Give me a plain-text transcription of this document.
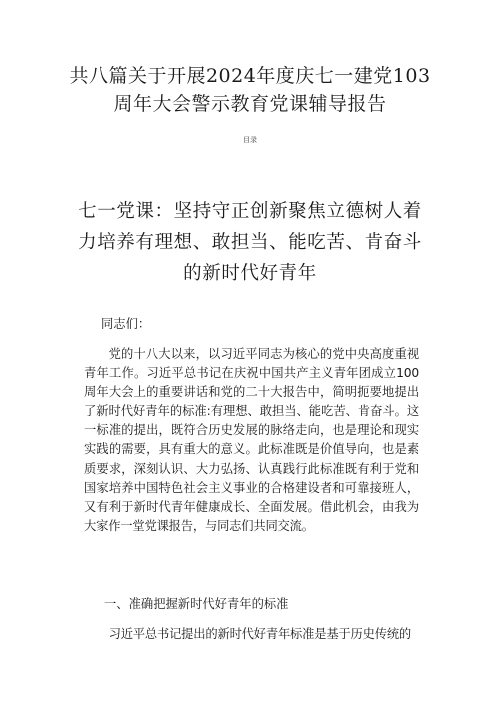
共八篇关于开展2024年度庆七一建党103
周年大会警示教育党课辅导报告
目录
七一党课：坚持守正创新聚焦立德树人着
力培养有理想、敢担当、能吃苦、肯奋斗
的新时代好青年
同志们：

党的十八大以来，以习近平同志为核心的党中央高度重视青年工作。习近平总书记在庆祝中国共产主义青年团成立100周年大会上的重要讲话和党的二十大报告中，简明扼要地提出了新时代好青年的标准:有理想、敢担当、能吃苦、肯奋斗。这一标准的提出，既符合历史发展的脉络走向，也是理论和现实实践的需要，具有重大的意义。此标准既是价值导向，也是素质要求，深刻认识、大力弘扬、认真践行此标准既有利于党和国家培养中国特色社会主义事业的合格建设者和可靠接班人，又有利于新时代青年健康成长、全面发展。借此机会，由我为大家作一堂党课报告，与同志们共同交流。

一、准确把握新时代好青年的标准

习近平总书记提出的新时代好青年标准是基于历史传统的
